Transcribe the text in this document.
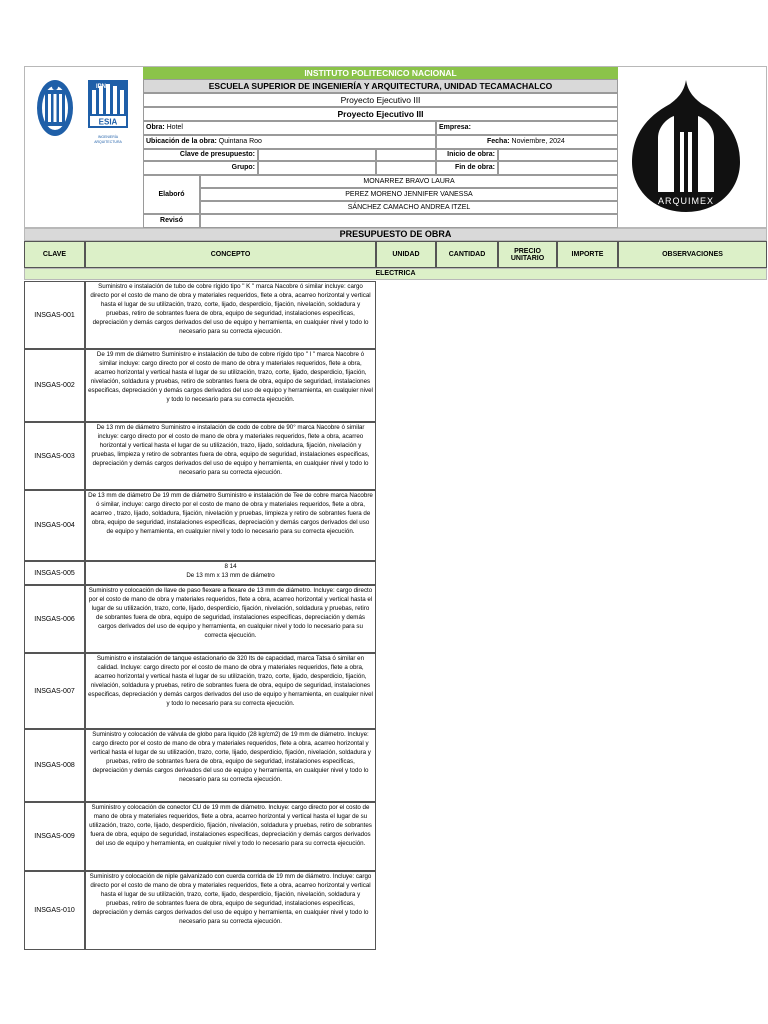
ESIA
IPN
INGENIERÍA ARQUITECTURA
INSTITUTO POLITECNICO NACIONAL
ESCUELA SUPERIOR DE INGENIERÍA Y ARQUITECTURA, UNIDAD TECAMACHALCO
Proyecto Ejecutivo III
Proyecto Ejecutivo III
Obra: Hotel	Empresa:
Ubicación de la obra: Quintana Roo	Fecha: Noviembre, 2024
Clave de presupuesto:	Inicio de obra:
Grupo:	Fin de obra:
Elaboró
MONARREZ BRAVO LAURA
PEREZ MORENO JENNIFER VANESSA
SÁNCHEZ CAMACHO ANDREA ITZEL
Revisó
ARQUIMEX
PRESUPUESTO DE OBRA
CLAVE	CONCEPTO	UNIDAD	CANTIDAD	PRECIO UNITARIO	IMPORTE	OBSERVACIONES
ELECTRICA
INSGAS-001
Suministro e instalación de tubo de cobre rígido tipo " K " marca Nacobre ó similar incluye: cargo directo por el costo de mano de obra y materiales requeridos, flete a obra, acarreo horizontal y vertical hasta el lugar de su utilización, trazo, corte, lijado, desperdicio, fijación, nivelación, soldadura y pruebas, retiro de sobrantes fuera de obra, equipo de seguridad, instalaciones especificas, depreciación y demás cargos derivados del uso de equipo y herramienta, en cualquier nivel y todo lo necesario para su correcta ejecución.
INSGAS-002
De 19 mm de diámetro Suministro e instalación de tubo de cobre rígido tipo " l " marca Nacobre ó similar incluye: cargo directo por el costo de mano de obra y materiales requeridos, flete a obra, acarreo horizontal y vertical hasta el lugar de su utilización, trazo, corte, lijado, desperdicio, fijación, nivelación, soldadura y pruebas, retiro de sobrantes fuera de obra, equipo de seguridad, instalaciones especificas, depreciación y demás cargos derivados del uso de equipo y herramienta, en cualquier nivel y todo lo necesario para su correcta ejecución.
INSGAS-003
De 13 mm de diámetro Suministro e instalación de codo de cobre de 90° marca Nacobre ó similar incluye: cargo directo por el costo de mano de obra y materiales requeridos, flete a obra, acarreo horizontal y vertical hasta el lugar de su utilización, trazo, lijado, soldadura, fijación, nivelación y pruebas, limpieza y retiro de sobrantes fuera de obra, equipo de seguridad, instalaciones especificas, depreciación y demás cargos derivados del uso de equipo y herramienta, en cualquier nivel y todo lo necesario para su correcta ejecución.
INSGAS-004
De 13 mm de diámetro De 19 mm de diámetro Suministro e instalación de Tee de cobre marca Nacobre ó similar, incluye: cargo directo por el costo de mano de obra y materiales requeridos, flete a obra, acarreo , trazo, lijado, soldadura, fijación, nivelación y pruebas, limpieza y retiro de sobrantes fuera de obra, equipo de seguridad, instalaciones especificas, depreciación y demás cargos derivados del uso de equipo y herramienta, en cualquier nivel y todo lo necesario para su correcta ejecución.
INSGAS-005
8 14
De 13 mm x 13 mm de diámetro
INSGAS-006
Suministro y colocación de llave de paso flexare a flexare de 13 mm de diámetro. Incluye: cargo directo por el costo de mano de obra y materiales requeridos, flete a obra, acarreo horizontal y vertical hasta el lugar de su utilización, trazo, corte, lijado, desperdicio, fijación, nivelación, soldadura y pruebas, retiro de sobrantes fuera de obra, equipo de seguridad, instalaciones especificas, depreciación y demás cargos derivados del uso de equipo y herramienta, en cualquier nivel y todo lo necesario para su correcta ejecución.
INSGAS-007
Suministro e instalación de tanque estacionario de 320 lts de capacidad, marca Tatsa ó similar en calidad. Incluye: cargo directo por el costo de mano de obra y materiales requeridos, flete a obra, acarreo horizontal y vertical hasta el lugar de su utilización, trazo, corte, lijado, desperdicio, fijación, nivelación, soldadura y pruebas, retiro de sobrantes fuera de obra, equipo de seguridad, instalaciones especificas, depreciación y demás cargos derivados del uso de equipo y herramienta, en cualquier nivel y todo lo necesario para su correcta ejecución.
INSGAS-008
Suministro y colocación de válvula de globo para liquido (28 kg/cm2) de 19 mm de diámetro. Incluye: cargo directo por el costo de mano de obra y materiales requeridos, flete a obra, acarreo horizontal y vertical hasta el lugar de su utilización, trazo, corte, lijado, desperdicio, fijación, nivelación, soldadura y pruebas, retiro de sobrantes fuera de obra, equipo de seguridad, instalaciones especificas, depreciación y demás cargos derivados del uso de equipo y herramienta, en cualquier nivel y todo lo necesario para su correcta ejecución.
INSGAS-009
Suministro y colocación de conector CU de 19 mm de diámetro. Incluye: cargo directo por el costo de mano de obra y materiales requeridos, flete a obra, acarreo horizontal y vertical hasta el lugar de su utilización, trazo, corte, lijado, desperdicio, fijación, nivelación, soldadura y pruebas, retiro de sobrantes fuera de obra, equipo de seguridad, instalaciones especificas, depreciación y demás cargos derivados del uso de equipo y herramienta, en cualquier nivel y todo lo necesario para su correcta ejecución.
INSGAS-010
Suministro y colocación de niple galvanizado con cuerda corrida de 19 mm de diámetro. Incluye: cargo directo por el costo de mano de obra y materiales requeridos, flete a obra, acarreo horizontal y vertical hasta el lugar de su utilización, trazo, corte, lijado, desperdicio, fijación, nivelación, soldadura y pruebas, retiro de sobrantes fuera de obra, equipo de seguridad, instalaciones especificas, depreciación y demás cargos derivados del uso de equipo y herramienta, en cualquier nivel y todo lo necesario para su correcta ejecución.
